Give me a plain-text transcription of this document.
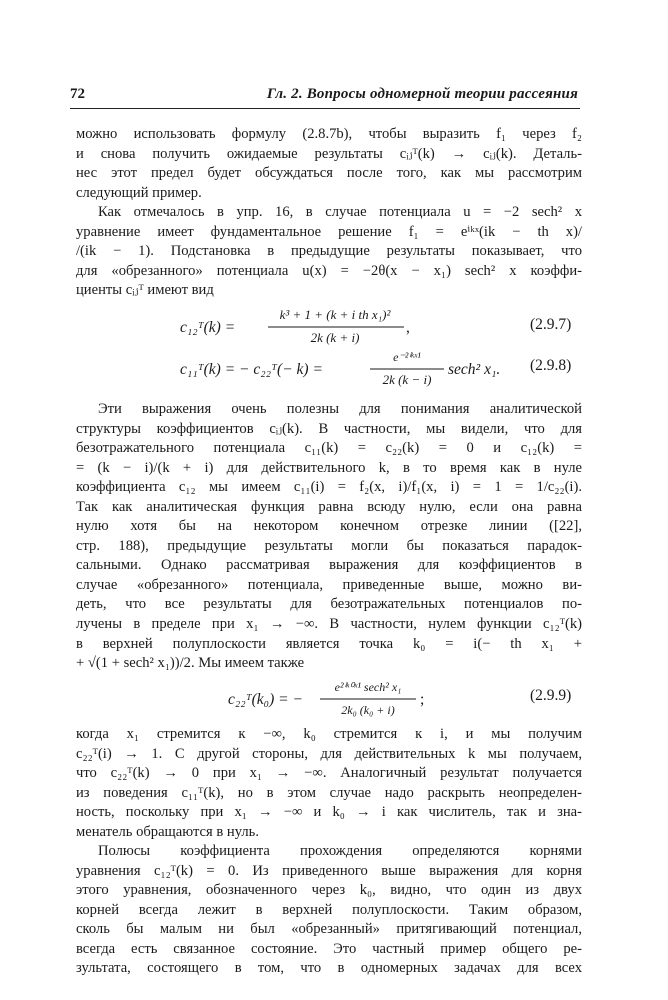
72	Гл. 2. Вопросы одномерной теории рассеяния
можно использовать формулу (2.8.7b), чтобы выразить f₁ через f₂
и снова получить ожидаемые результаты cᵢⱼᵀ(k) → cᵢⱼ(k). Деталь-
нес этот предел будет обсуждаться после того, как мы рассмотрим
следующий пример.
Как отмечалось в упр. 16, в случае потенциала u = −2 sech² x
уравнение имеет фундаментальное решение f₁ = eⁱᵏˣ(ik − th x)/
/(ik − 1). Подстановка в предыдущие результаты показывает, что
для «обрезанного» потенциала u(x) = −2θ(x − x₁) sech² x коэффи-
циенты cᵢⱼᵀ имеют вид
c₁₂ᵀ(k) =
k³ + 1 + (k + i th x₁)²
2k (k + i)
,	(2.9.7)
c₁₁ᵀ(k) = − c₂₂ᵀ(− k) =
e⁻²ⁱᵏˣ¹
2k (k − i)
sech² x₁. (2.9.8)
Эти выражения очень полезны для понимания аналитической
структуры коэффициентов cᵢⱼ(k). В частности, мы видели, что для
безотражательного потенциала c₁₁(k) = c₂₂(k) = 0 и c₁₂(k) =
= (k − i)/(k + i) для действительного k, в то время как в нуле
коэффициента c₁₂ мы имеем c₁₁(i) = f₂(x, i)/f₁(x, i) = 1 = 1/c₂₂(i).
Так как аналитическая функция равна всюду нулю, если она равна
нулю хотя бы на некотором конечном отрезке линии ([22],
стр. 188), предыдущие результаты могли бы показаться парадок-
сальными. Однако рассматривая выражения для коэффициентов в
случае «обрезанного» потенциала, приведенные выше, можно ви-
деть, что все результаты для безотражательных потенциалов по-
лучены в пределе при x₁ → −∞. В частности, нулем функции c₁₂ᵀ(k)
в верхней полуплоскости является точка k₀ = i(− th x₁ +
+ √(1 + sech² x₁))/2. Мы имеем также
c₂₂ᵀ(k₀) = −
e²ⁱᵏ⁰ˣ¹ sech² x₁
2k₀ (k₀ + i)
;	(2.9.9)
когда x₁ стремится к −∞, k₀ стремится к i, и мы получим
c₂₂ᵀ(i) → 1. С другой стороны, для действительных k мы получаем,
что c₂₂ᵀ(k) → 0 при x₁ → −∞. Аналогичный результат получается
из поведения c₁₁ᵀ(k), но в этом случае надо раскрыть неопределен-
ность, поскольку при x₁ → −∞ и k₀ → i как числитель, так и зна-
менатель обращаются в нуль.
Полюсы коэффициента прохождения определяются корнями
уравнения c₁₂ᵀ(k) = 0. Из приведенного выше выражения для корня
этого уравнения, обозначенного через k₀, видно, что один из двух
корней всегда лежит в верхней полуплоскости. Таким образом,
сколь бы малым ни был «обрезанный» притягивающий потенциал,
всегда есть связанное состояние. Это частный пример общего ре-
зультата, состоящего в том, что в одномерных задачах для всех
